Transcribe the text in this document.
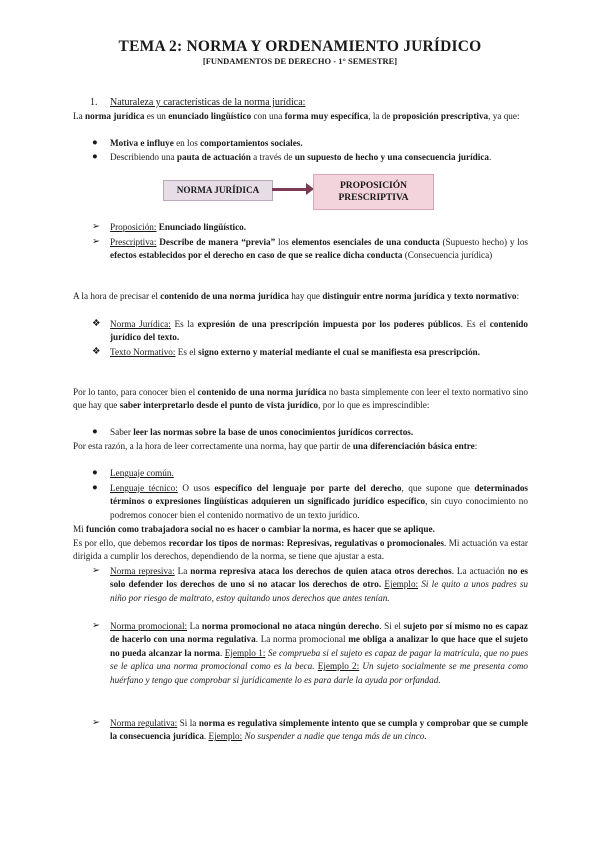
TEMA 2: NORMA Y ORDENAMIENTO JURÍDICO
[FUNDAMENTOS DE DERECHO - 1° SEMESTRE]
1. Naturaleza y características de la norma jurídica:
La norma jurídica es un enunciado lingüístico con una forma muy específica, la de proposición prescriptiva, ya que:
● Motiva e influye en los comportamientos sociales.
● Describiendo una pauta de actuación a través de un supuesto de hecho y una consecuencia jurídica.
NORMA JURÍDICA	PROPOSICIÓN
PRESCRIPTIVA
➢ Proposición: Enunciado lingüístico.
➢ Prescriptiva: Describe de manera “previa” los elementos esenciales de una conducta (Supuesto hecho) y los efectos establecidos por el derecho en caso de que se realice dicha conducta (Consecuencia jurídica)
A la hora de precisar el contenido de una norma jurídica hay que distinguir entre norma jurídica y texto normativo:
❖ Norma Jurídica: Es la expresión de una prescripción impuesta por los poderes públicos. Es el contenido jurídico del texto.
❖ Texto Normativo: Es el signo externo y material mediante el cual se manifiesta esa prescripción.
Por lo tanto, para conocer bien el contenido de una norma jurídica no basta simplemente con leer el texto normativo sino que hay que saber interpretarlo desde el punto de vista jurídico, por lo que es imprescindible:
● Saber leer las normas sobre la base de unos conocimientos jurídicos correctos.
Por esta razón, a la hora de leer correctamente una norma, hay que partir de una diferenciación básica entre:
● Lenguaje común.
● Lenguaje técnico: O usos específico del lenguaje por parte del derecho, que supone que determinados términos o expresiones lingüísticas adquieren un significado jurídico específico, sin cuyo conocimiento no podremos conocer bien el contenido normativo de un texto jurídico.
Mi función como trabajadora social no es hacer o cambiar la norma, es hacer que se aplique.
Es por ello, que debemos recordar los tipos de normas: Represivas, regulativas o promocionales. Mi actuación va estar dirigida a cumplir los derechos, dependiendo de la norma, se tiene que ajustar a esta.
➢ Norma represiva: La norma represiva ataca los derechos de quien ataca otros derechos. La actuación no es solo defender los derechos de uno si no atacar los derechos de otro. Ejemplo: Si le quito a unos padres su niño por riesgo de maltrato, estoy quitando unos derechos que antes tenían.
➢ Norma promocional: La norma promocional no ataca ningún derecho. Si el sujeto por sí mismo no es capaz de hacerlo con una norma regulativa. La norma promocional me obliga a analizar lo que hace que el sujeto no pueda alcanzar la norma. Ejemplo 1: Se comprueba si el sujeto es capaz de pagar la matrícula, que no pues se le aplica una norma promocional como es la beca. Ejemplo 2: Un sujeto socialmente se me presenta como huérfano y tengo que comprobar si jurídicamente lo es para darle la ayuda por orfandad.
➢ Norma regulativa: Si la norma es regulativa simplemente intento que se cumpla y comprobar que se cumple la consecuencia jurídica. Ejemplo: No suspender a nadie que tenga más de un cinco.
